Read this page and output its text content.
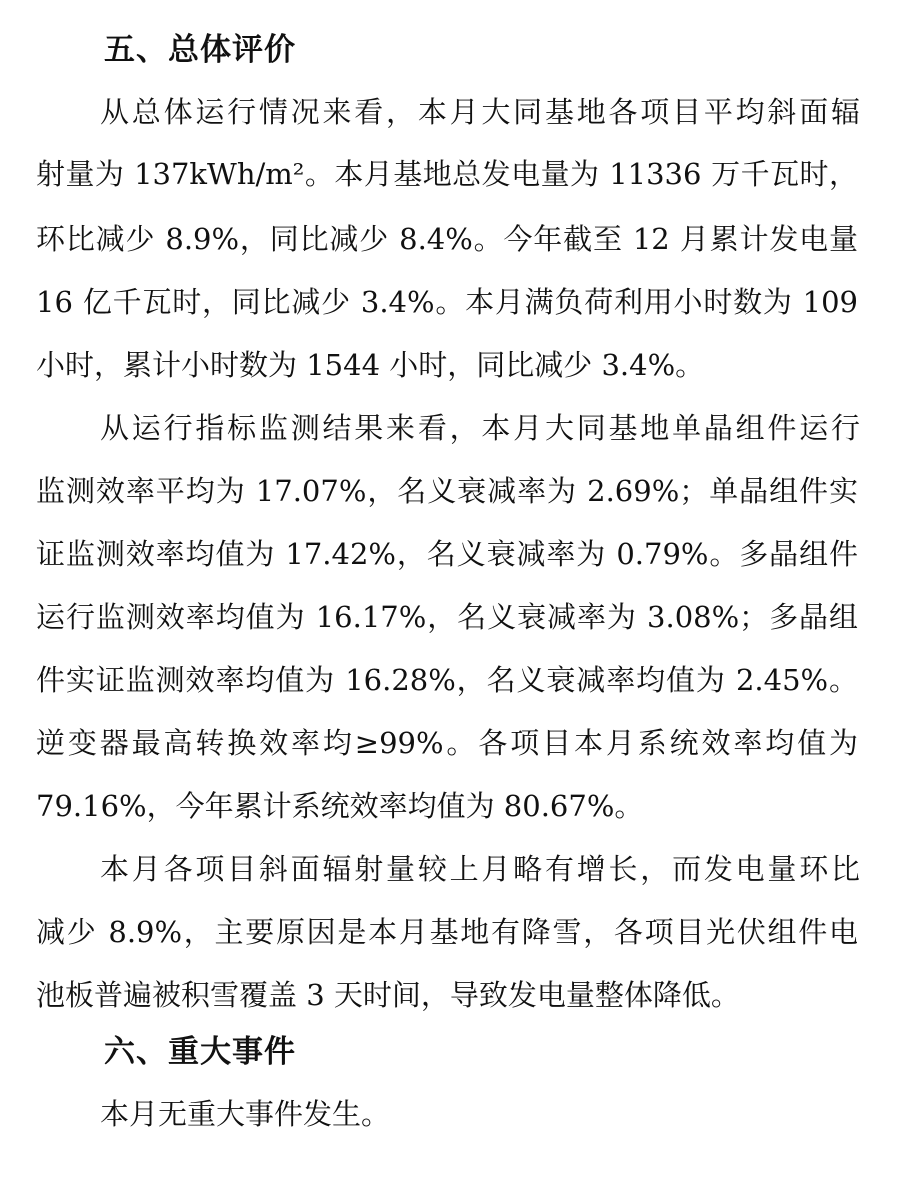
五、总体评价

从总体运行情况来看，本月大同基地各项目平均斜面辐

射量为 137kWh/m²。本月基地总发电量为 11336 万千瓦时，

环比减少 8.9%，同比减少 8.4%。今年截至 12 月累计发电量

16 亿千瓦时，同比减少 3.4%。本月满负荷利用小时数为 109

小时，累计小时数为 1544 小时，同比减少 3.4%。

从运行指标监测结果来看，本月大同基地单晶组件运行

监测效率平均为 17.07%，名义衰减率为 2.69%；单晶组件实

证监测效率均值为 17.42%，名义衰减率为 0.79%。多晶组件

运行监测效率均值为 16.17%，名义衰减率为 3.08%；多晶组

件实证监测效率均值为 16.28%，名义衰减率均值为 2.45%。

逆变器最高转换效率均≥99%。各项目本月系统效率均值为

79.16%，今年累计系统效率均值为 80.67%。

本月各项目斜面辐射量较上月略有增长，而发电量环比

减少 8.9%，主要原因是本月基地有降雪，各项目光伏组件电

池板普遍被积雪覆盖 3 天时间，导致发电量整体降低。

六、重大事件

本月无重大事件发生。
